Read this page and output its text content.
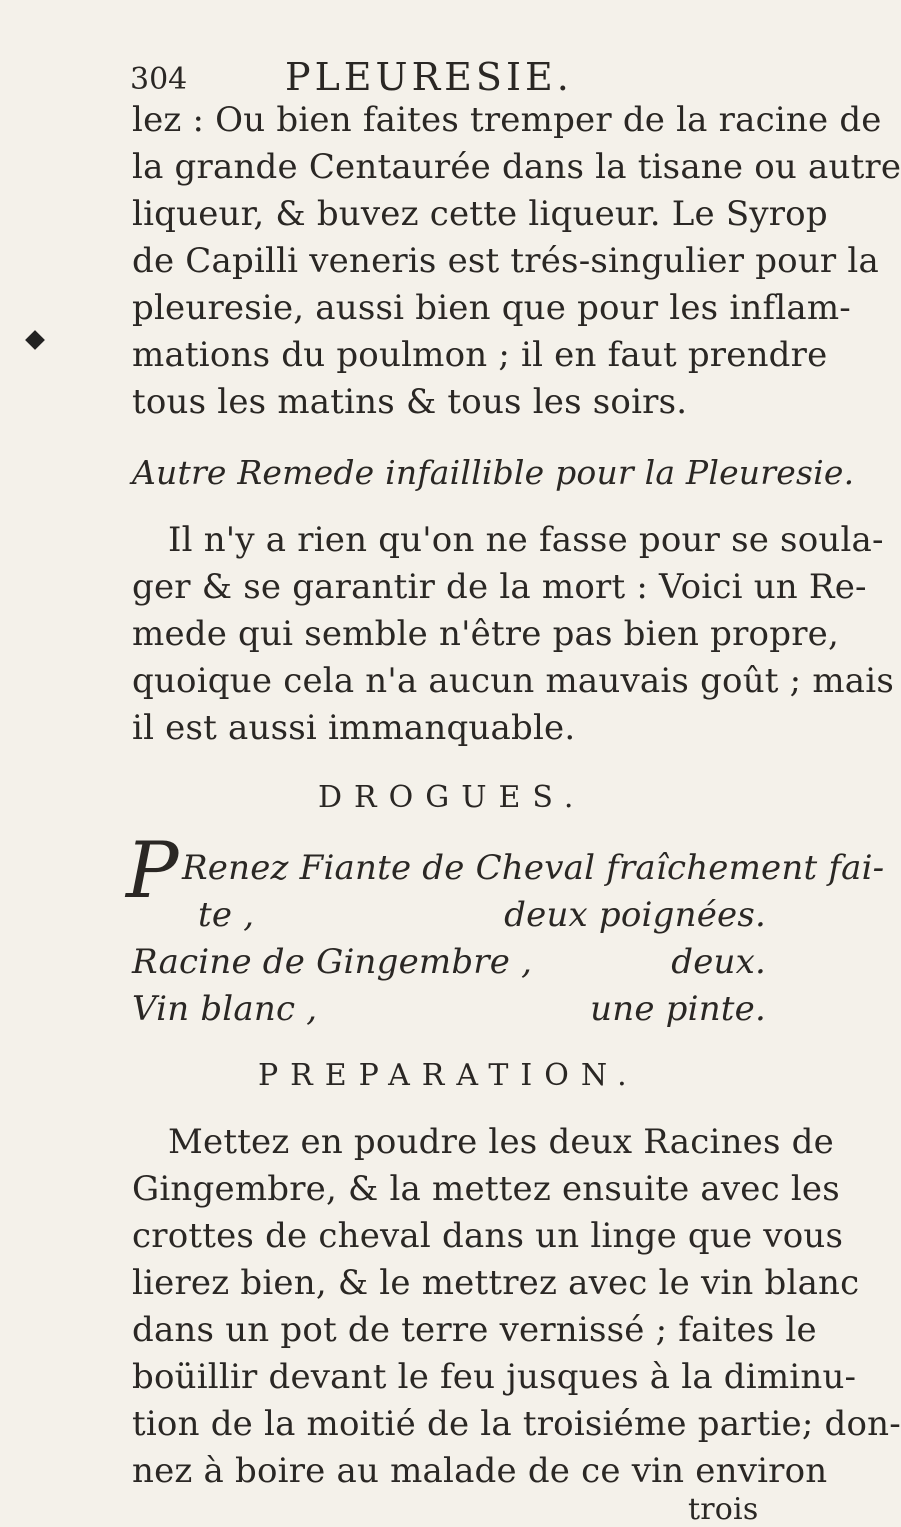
304	PLEURESIE.
lez : Ou bien faites tremper de la racine de
la grande Centaurée dans la tisane ou autre
liqueur, & buvez cette liqueur. Le Syrop
de Capilli veneris est trés-singulier pour la
pleuresie, aussi bien que pour les inflam-
mations du poulmon ; il en faut prendre
tous les matins & tous les soirs.
Autre Remede infaillible pour la Pleuresie.
Il n'y a rien qu'on ne fasse pour se soula-
ger & se garantir de la mort : Voici un Re-
mede qui semble n'être pas bien propre,
quoique cela n'a aucun mauvais goût ; mais
il est aussi immanquable.
DROGUES.
P Renez Fiante de Cheval fraîchement fai-
te ,	deux poignées.
Racine de Gingembre ,	deux.
Vin blanc ,	une pinte.
PREPARATION.
Mettez en poudre les deux Racines de
Gingembre, & la mettez ensuite avec les
crottes de cheval dans un linge que vous
lierez bien, & le mettrez avec le vin blanc
dans un pot de terre vernissé ; faites le
boüillir devant le feu jusques à la diminu-
tion de la moitié de la troisiéme partie; don-
nez à boire au malade de ce vin environ
trois
